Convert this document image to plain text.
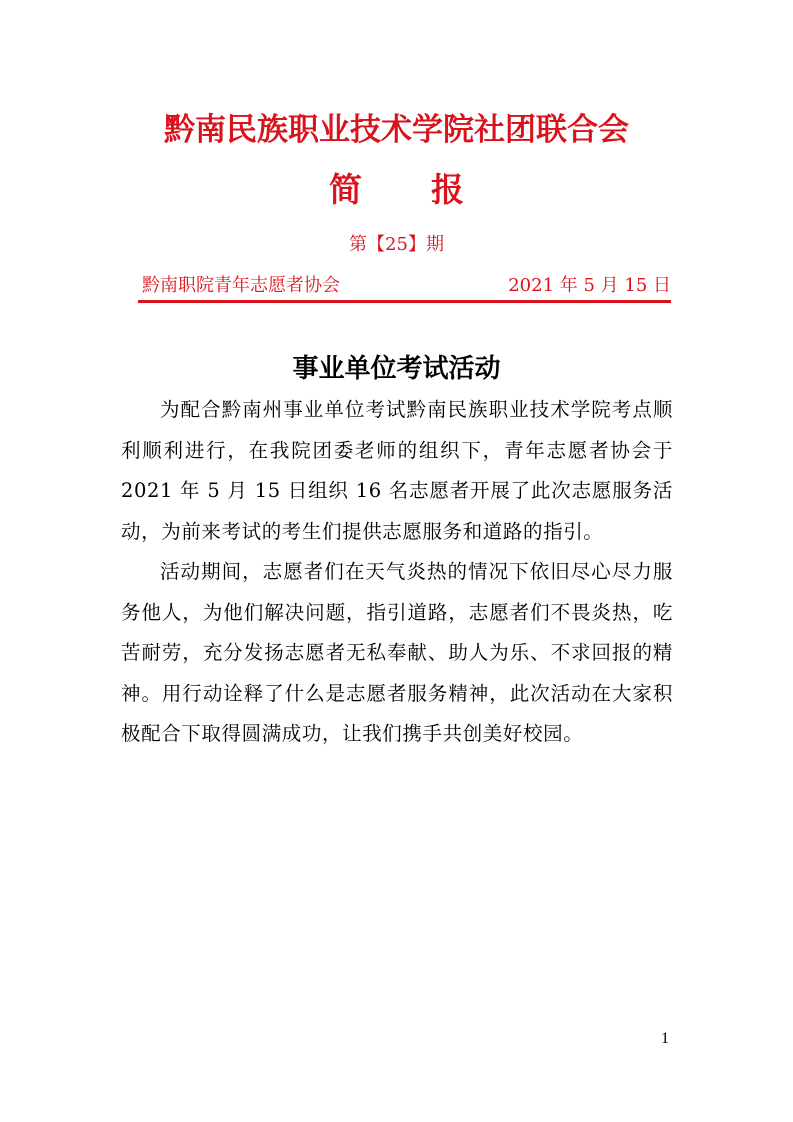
黔南民族职业技术学院社团联合会
简      报
第【25】期
黔南职院青年志愿者协会	2021 年 5 月 15 日
事业单位考试活动

为配合黔南州事业单位考试黔南民族职业技术学院考点顺利顺利进行，在我院团委老师的组织下，青年志愿者协会于 2021 年 5 月 15 日组织 16 名志愿者开展了此次志愿服务活动，为前来考试的考生们提供志愿服务和道路的指引。

活动期间，志愿者们在天气炎热的情况下依旧尽心尽力服务他人，为他们解决问题，指引道路，志愿者们不畏炎热，吃苦耐劳，充分发扬志愿者无私奉献、助人为乐、不求回报的精神。用行动诠释了什么是志愿者服务精神，此次活动在大家积极配合下取得圆满成功，让我们携手共创美好校园。

1
